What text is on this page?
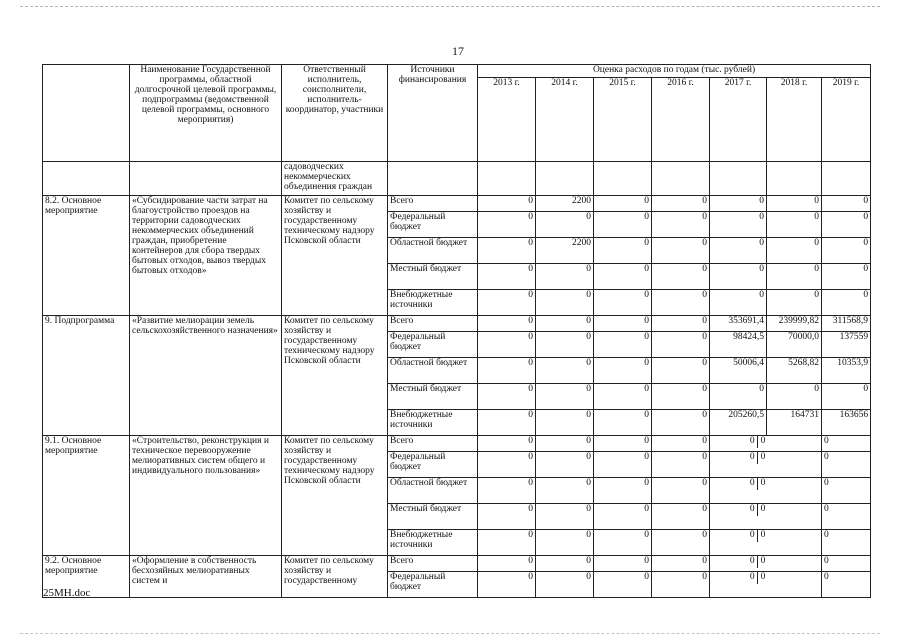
17
	Наименование Государственной программы, областной долгосрочной целевой программы, подпрограммы (ведомственной целевой программы, основного мероприятия)	Ответственный исполнитель, соисполнители, исполнитель-координатор, участники	Источники финансирования	Оценка расходов по годам (тыс. рублей)						
				2013 г.	2014 г.	2015 г.	2016 г.	2017 г.	2018 г.	2019 г.
		садоводческих некоммерческих объединения граждан								
8.2. Основное мероприятие	«Субсидирование части затрат на благоустройство проездов на территории садоводческих некоммерческих объединений граждан, приобретение контейнеров для сбора твердых бытовых отходов, вывоз твердых бытовых отходов»	Комитет по сельскому хозяйству и государственному техническому надзору Псковской области	Всего	0	2200	0	0	0	0	0
			Федеральный бюджет	0	0	0	0	0	0	0
			Областной бюджет	0	2200	0	0	0	0	0
			Местный бюджет	0	0	0	0	0	0	0
			Внебюджетные источники	0	0	0	0	0	0	0
9. Подпрограмма	«Развитие мелиорации земель сельскохозяйственного назначения»	Комитет по сельскому хозяйству и государственному техническому надзору Псковской области	Всего	0	0	0	0	353691,4	239999,82	311568,9
			Федеральный бюджет	0	0	0	0	98424,5	70000,0	137559
			Областной бюджет	0	0	0	0	50006,4	5268,82	10353,9
			Местный бюджет	0	0	0	0	0	0	0
			Внебюджетные источники	0	0	0	0	205260,5	164731	163656
9.1. Основное мероприятие	«Строительство, реконструкция и техническое перевооружение мелиоративных систем общего и индивидуального пользования»	Комитет по сельскому хозяйству и государственному техническому надзору Псковской области	Всего	0	0	0	0	0 0		0
			Федеральный бюджет	0	0	0	0	0 0		0
			Областной бюджет	0	0	0	0	0 0		0
			Местный бюджет	0	0	0	0	0 0		0
			Внебюджетные источники	0	0	0	0	0 0		0
9.2. Основное мероприятие	«Оформление в собственность бесхозяйных мелиоративных систем и	Комитет по сельскому хозяйству и государственному	Всего	0	0	0	0	0 0		0
			Федеральный бюджет	0	0	0	0	0 0		0
25МН.doc
